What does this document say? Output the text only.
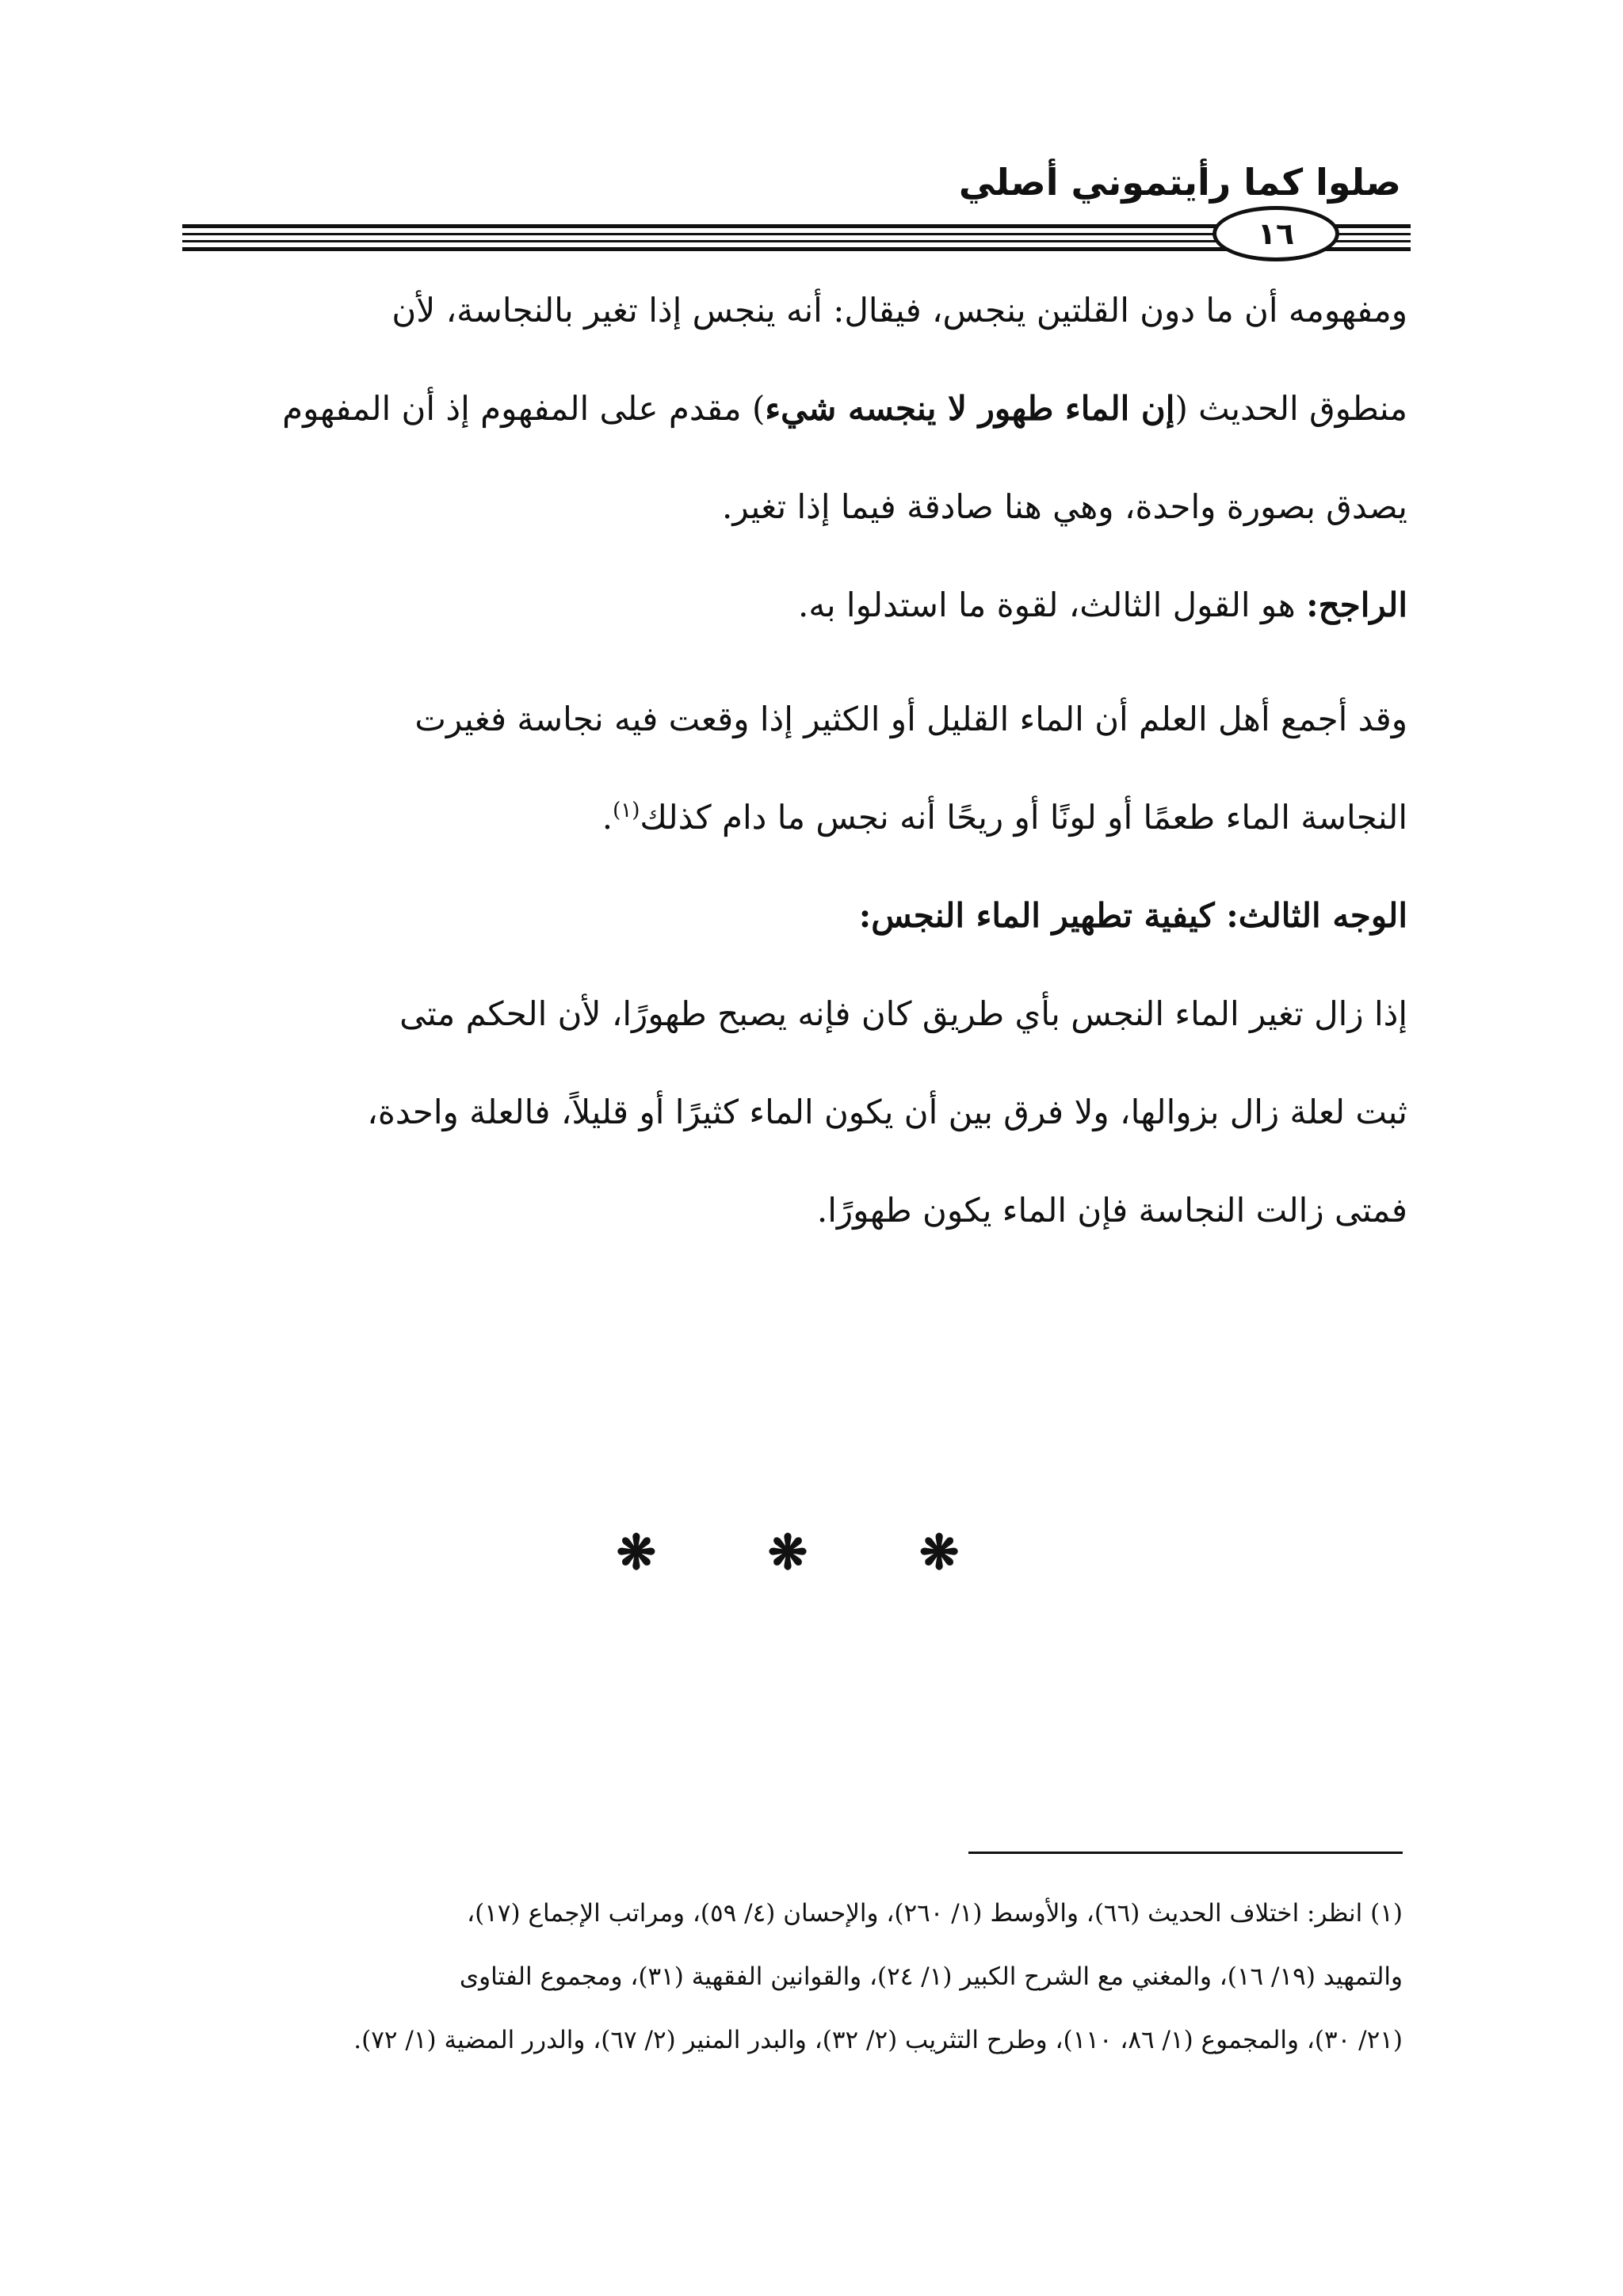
صلوا كما رأيتموني أصلي
١٦

ومفهومه أن ما دون القلتين ينجس، فيقال: أنه ينجس إذا تغير بالنجاسة، لأن

منطوق الحديث (إن الماء طهور لا ينجسه شيء) مقدم على المفهوم إذ أن المفهوم

يصدق بصورة واحدة، وهي هنا صادقة فيما إذا تغير.

الراجح: هو القول الثالث، لقوة ما استدلوا به.

وقد أجمع أهل العلم أن الماء القليل أو الكثير إذا وقعت فيه نجاسة فغيرت

النجاسة الماء طعمًا أو لونًا أو ريحًا أنه نجس ما دام كذلك$^{(١)}$.

الوجه الثالث: كيفية تطهير الماء النجس:

إذا زال تغير الماء النجس بأي طريق كان فإنه يصبح طهورًا، لأن الحكم متى

ثبت لعلة زال بزوالها، ولا فرق بين أن يكون الماء كثيرًا أو قليلاً، فالعلة واحدة،

فمتى زالت النجاسة فإن الماء يكون طهورًا.

❋ ❋ ❋

(١) انظر: اختلاف الحديث (٦٦)، والأوسط (١/ ٢٦٠)، والإحسان (٤/ ٥٩)، ومراتب الإجماع (١٧)،

والتمهيد (١٩/ ١٦)، والمغني مع الشرح الكبير (١/ ٢٤)، والقوانين الفقهية (٣١)، ومجموع الفتاوى

(٢١/ ٣٠)، والمجموع (١/ ٨٦، ١١٠)، وطرح التثريب (٢/ ٣٢)، والبدر المنير (٢/ ٦٧)، والدرر المضية (١/ ٧٢).
